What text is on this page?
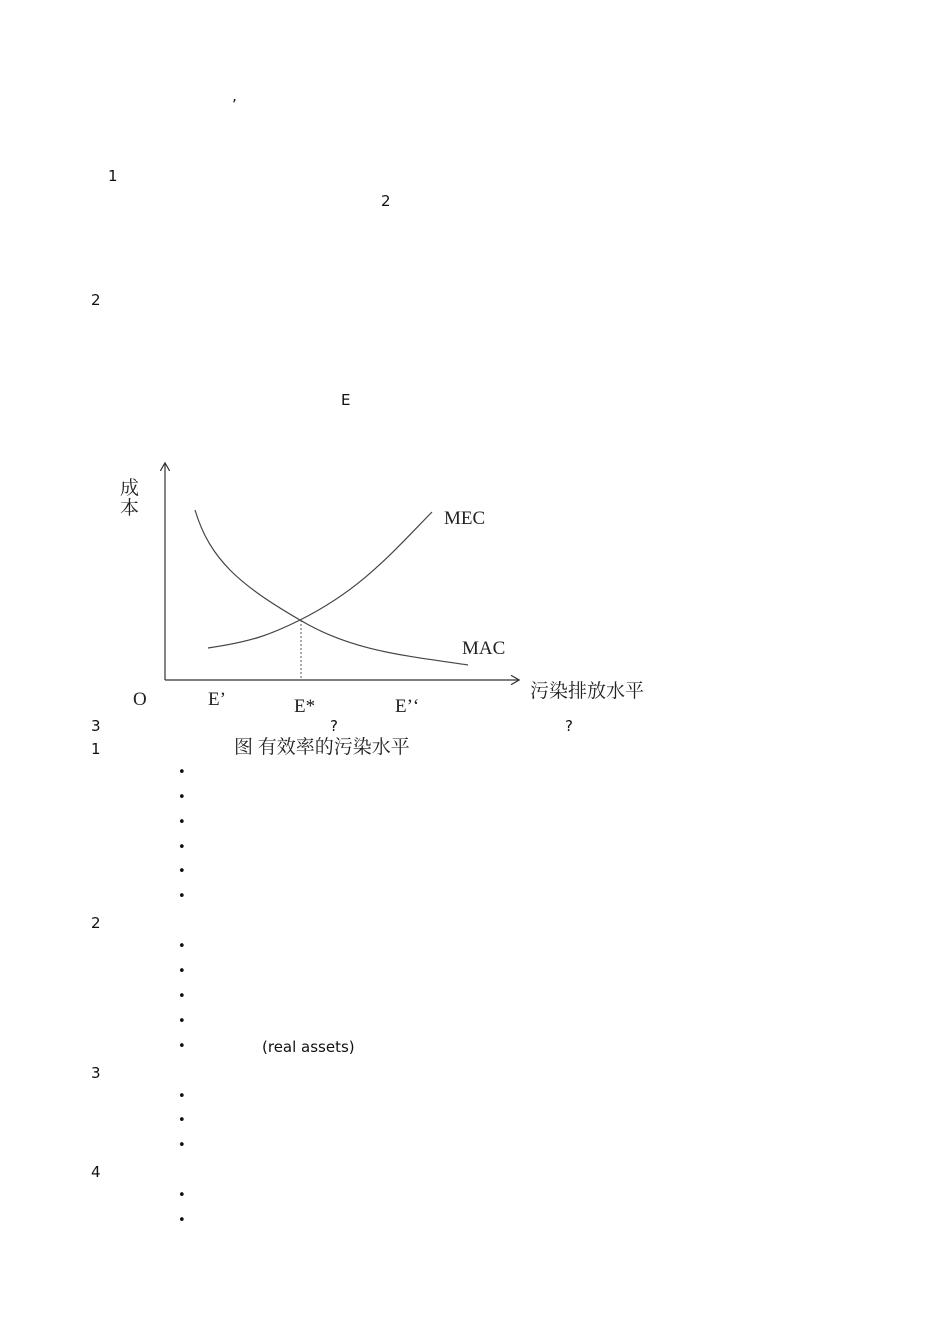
’
1
2
2
E
成
本	MEC
MAC
污染排放水平
O	E’	E*	E’‘
3	?	?
1	图 有效率的污染水平
•
•
•
•
•
•
2
•
•
•
•
•	(real assets)
3
•
•
•
4
•
•
